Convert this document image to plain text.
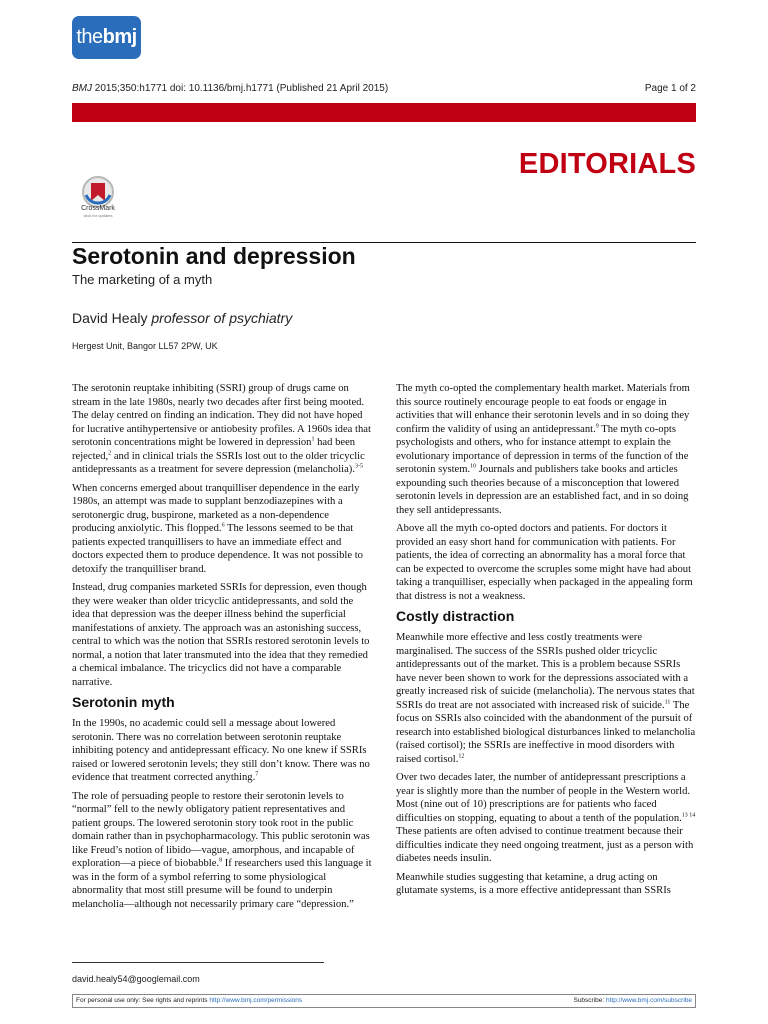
thebmj
BMJ 2015;350:h1771 doi: 10.1136/bmj.h1771 (Published 21 April 2015)	Page 1 of 2
EDITORIALS
CrossMark
click for updates
Serotonin and depression
The marketing of a myth
David Healy professor of psychiatry
Hergest Unit, Bangor LL57 2PW, UK

The serotonin reuptake inhibiting (SSRI) group of drugs came on stream in the late 1980s, nearly two decades after first being mooted. The delay centred on finding an indication. They did not have hoped for lucrative antihypertensive or antiobesity profiles. A 1960s idea that serotonin concentrations might be lowered in depression$^1$ had been rejected,$^2$ and in clinical trials the SSRIs lost out to the older tricyclic antidepressants as a treatment for severe depression (melancholia).$^{3-5}$

When concerns emerged about tranquilliser dependence in the early 1980s, an attempt was made to supplant benzodiazepines with a serotonergic drug, buspirone, marketed as a non-dependence producing anxiolytic. This flopped.$^6$ The lessons seemed to be that patients expected tranquillisers to have an immediate effect and doctors expected them to produce dependence. It was not possible to detoxify the tranquilliser brand.

Instead, drug companies marketed SSRIs for depression, even though they were weaker than older tricyclic antidepressants, and sold the idea that depression was the deeper illness behind the superficial manifestations of anxiety. The approach was an astonishing success, central to which was the notion that SSRIs restored serotonin levels to normal, a notion that later transmuted into the idea that they remedied a chemical imbalance. The tricyclics did not have a comparable narrative.

Serotonin myth

In the 1990s, no academic could sell a message about lowered serotonin. There was no correlation between serotonin reuptake inhibiting potency and antidepressant efficacy. No one knew if SSRIs raised or lowered serotonin levels; they still don’t know. There was no evidence that treatment corrected anything.$^7$

The role of persuading people to restore their serotonin levels to “normal” fell to the newly obligatory patient representatives and patient groups. The lowered serotonin story took root in the public domain rather than in psychopharmacology. This public serotonin was like Freud’s notion of libido—vague, amorphous, and incapable of exploration—a piece of biobabble.$^8$ If researchers used this language it was in the form of a symbol referring to some physiological abnormality that most still presume will be found to underpin melancholia—although not necessarily primary care “depression.”

The myth co-opted the complementary health market. Materials from this source routinely encourage people to eat foods or engage in activities that will enhance their serotonin levels and in so doing they confirm the validity of using an antidepressant.$^9$ The myth co-opts psychologists and others, who for instance attempt to explain the evolutionary importance of depression in terms of the function of the serotonin system.$^{10}$ Journals and publishers take books and articles expounding such theories because of a misconception that lowered serotonin levels in depression are an established fact, and in so doing they sell antidepressants.

Above all the myth co-opted doctors and patients. For doctors it provided an easy short hand for communication with patients. For patients, the idea of correcting an abnormality has a moral force that can be expected to overcome the scruples some might have had about taking a tranquilliser, especially when packaged in the appealing form that distress is not a weakness.

Costly distraction

Meanwhile more effective and less costly treatments were marginalised. The success of the SSRIs pushed older tricyclic antidepressants out of the market. This is a problem because SSRIs have never been shown to work for the depressions associated with a greatly increased risk of suicide (melancholia). The nervous states that SSRIs do treat are not associated with increased risk of suicide.$^{11}$ The focus on SSRIs also coincided with the abandonment of the pursuit of research into established biological disturbances linked to melancholia (raised cortisol); the SSRIs are ineffective in mood disorders with raised cortisol.$^{12}$

Over two decades later, the number of antidepressant prescriptions a year is slightly more than the number of people in the Western world. Most (nine out of 10) prescriptions are for patients who faced difficulties on stopping, equating to about a tenth of the population.$^{13 14}$ These patients are often advised to continue treatment because their difficulties indicate they need ongoing treatment, just as a person with diabetes needs insulin.

Meanwhile studies suggesting that ketamine, a drug acting on glutamate systems, is a more effective antidepressant than SSRIs

david.healy54@googlemail.com
For personal use only: See rights and reprints http://www.bmj.com/permissions	Subscribe: http://www.bmj.com/subscribe
